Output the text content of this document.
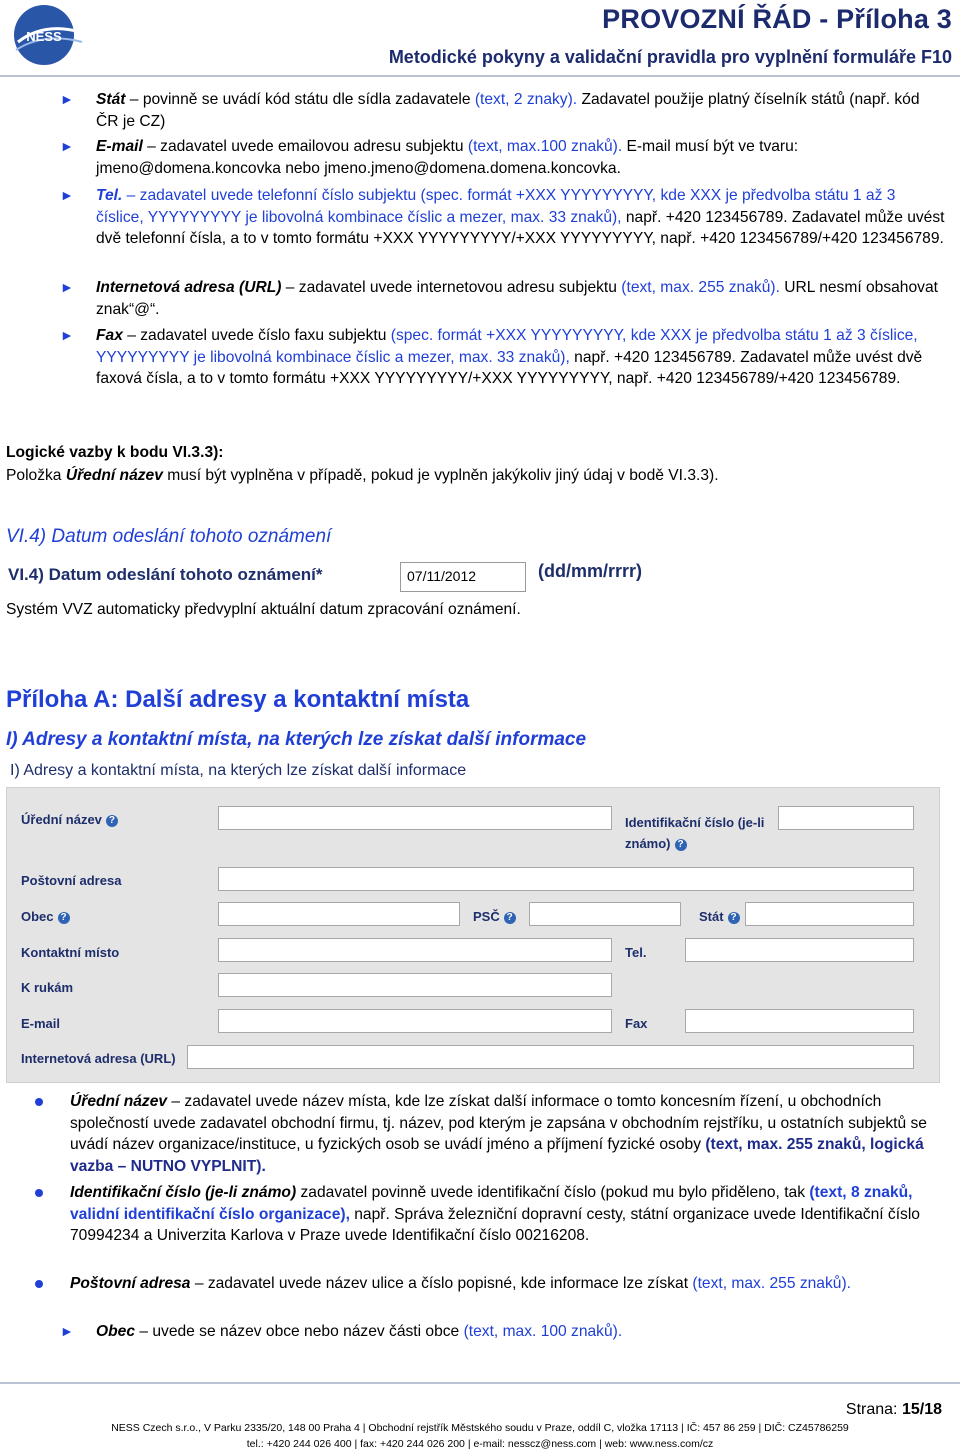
NESS
PROVOZNÍ ŘÁD - Příloha 3
Metodické pokyny a validační pravidla pro vyplnění formuláře F10
► Stát – povinně se uvádí kód státu dle sídla zadavatele (text, 2 znaky). Zadavatel použije platný číselník států (např. kód ČR je CZ)
► E-mail – zadavatel uvede emailovou adresu subjektu (text, max.100 znaků). E-mail musí být ve tvaru: jmeno@domena.koncovka nebo jmeno.jmeno@domena.domena.koncovka.
► Tel. – zadavatel uvede telefonní číslo subjektu (spec. formát +XXX YYYYYYYYY, kde XXX je předvolba státu 1 až 3 číslice, YYYYYYYYY je libovolná kombinace číslic a mezer, max. 33 znaků), např. +420 123456789. Zadavatel může uvést dvě telefonní čísla, a to v tomto formátu +XXX YYYYYYYYY/+XXX YYYYYYYYY, např. +420 123456789/+420 123456789.
► Internetová adresa (URL) – zadavatel uvede internetovou adresu subjektu (text, max. 255 znaků). URL nesmí obsahovat znak“@“.
► Fax – zadavatel uvede číslo faxu subjektu (spec. formát +XXX YYYYYYYYY, kde XXX je předvolba státu 1 až 3 číslice, YYYYYYYYY je libovolná kombinace číslic a mezer, max. 33 znaků), např. +420 123456789. Zadavatel může uvést dvě faxová čísla, a to v tomto formátu +XXX YYYYYYYYY/+XXX YYYYYYYYY, např. +420 123456789/+420 123456789.
Logické vazby k bodu VI.3.3):
Položka Úřední název musí být vyplněna v případě, pokud je vyplněn jakýkoliv jiný údaj v bodě VI.3.3).
VI.4) Datum odeslání tohoto oznámení
VI.4) Datum odeslání tohoto oznámení*	07/11/2012	(dd/mm/rrrr)
Systém VVZ automaticky předvyplní aktuální datum zpracování oznámení.
Příloha A: Další adresy a kontaktní místa
I) Adresy a kontaktní místa, na kterých lze získat další informace
I) Adresy a kontaktní místa, na kterých lze získat další informace
Úřední název ?	Identifikační číslo (je-li známo) ?
Poštovní adresa
Obec ?	PSČ ?	Stát ?
Kontaktní místo	Tel.
K rukám
E-mail	Fax
Internetová adresa (URL)
Úřední název – zadavatel uvede název místa, kde lze získat další informace o tomto koncesním řízení, u obchodních společností uvede zadavatel obchodní firmu, tj. název, pod kterým je zapsána v obchodním rejstříku, u ostatních subjektů se uvádí název organizace/instituce, u fyzických osob se uvádí jméno a příjmení fyzické osoby (text, max. 255 znaků, logická vazba – NUTNO VYPLNIT).
Identifikační číslo (je-li známo) zadavatel povinně uvede identifikační číslo (pokud mu bylo přiděleno, tak (text, 8 znaků, validní identifikační číslo organizace), např. Správa železniční dopravní cesty, státní organizace uvede Identifikační číslo 70994234 a Univerzita Karlova v Praze uvede Identifikační číslo 00216208.
Poštovní adresa – zadavatel uvede název ulice a číslo popisné, kde informace lze získat (text, max. 255 znaků).
► Obec – uvede se název obce nebo název části obce (text, max. 100 znaků).
Strana: 15/18
NESS Czech s.r.o., V Parku 2335/20, 148 00 Praha 4 | Obchodní rejstřík Městského soudu v Praze, oddíl C, vložka 17113 | IČ: 457 86 259 | DIČ: CZ45786259
tel.: +420 244 026 400 | fax: +420 244 026 200 | e-mail: nesscz@ness.com | web: www.ness.com/cz
